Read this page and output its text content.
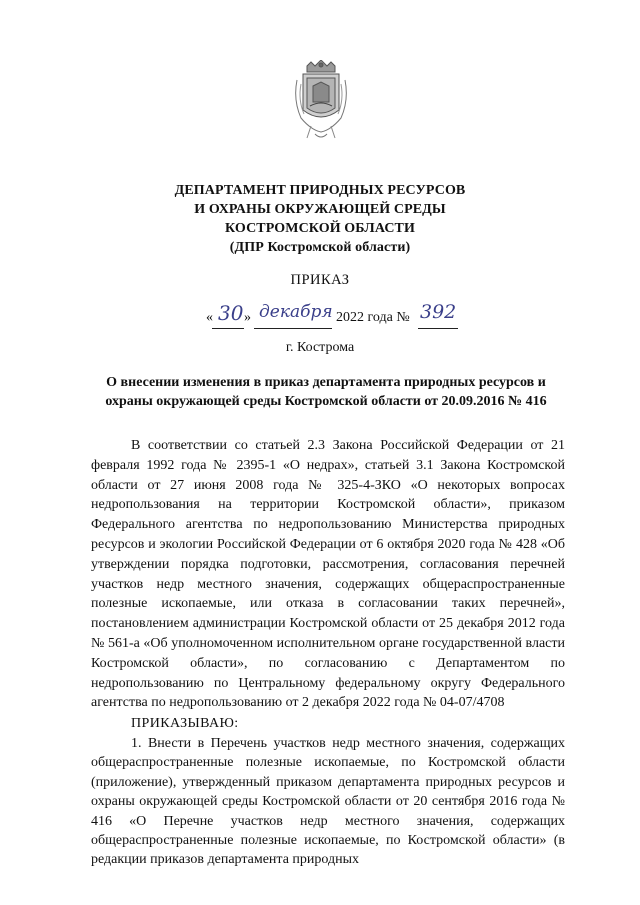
ДЕПАРТАМЕНТ ПРИРОДНЫХ РЕСУРСОВ
И ОХРАНЫ ОКРУЖАЮЩЕЙ СРЕДЫ
КОСТРОМСКОЙ ОБЛАСТИ
(ДПР Костромской области)
ПРИКАЗ
« 30 » декабря 2022 года № 392
г. Кострома
О внесении изменения в приказ департамента природных ресурсов и охраны окружающей среды Костромской области от 20.09.2016 № 416
В соответствии со статьей 2.3 Закона Российской Федерации от 21 февраля 1992 года № 2395-1 «О недрах», статьей 3.1 Закона Костромской области от 27 июня 2008 года № 325-4-ЗКО «О некоторых вопросах недропользования на территории Костромской области», приказом Федерального агентства по недропользованию Министерства природных ресурсов и экологии Российской Федерации от 6 октября 2020 года № 428 «Об утверждении порядка подготовки, рассмотрения, согласования перечней участков недр местного значения, содержащих общераспространенные полезные ископаемые, или отказа в согласовании таких перечней», постановлением администрации Костромской области от 25 декабря 2012 года № 561-а «Об уполномоченном исполнительном органе государственной власти Костромской области», по согласованию с Департаментом по недропользованию по Центральному федеральному округу Федерального агентства по недропользованию от 2 декабря 2022 года № 04-07/4708
ПРИКАЗЫВАЮ:
1. Внести в Перечень участков недр местного значения, содержащих общераспространенные полезные ископаемые, по Костромской области (приложение), утвержденный приказом департамента природных ресурсов и охраны окружающей среды Костромской области от 20 сентября 2016 года № 416 «О Перечне участков недр местного значения, содержащих общераспространенные полезные ископаемые, по Костромской области» (в редакции приказов департамента природных
